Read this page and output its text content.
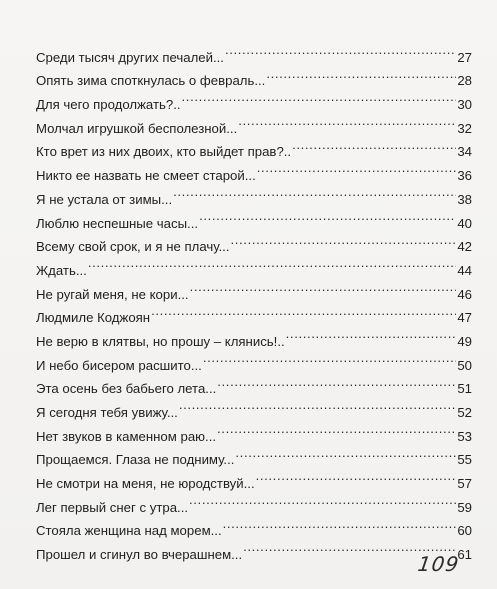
Среди тысяч других печалей... .....	27
Опять зима споткнулась о февраль... .....	28
Для чего продолжать?.. .....	30
Молчал игрушкой бесполезной... .....	32
Кто врет из них двоих, кто выйдет прав?.. .....	34
Никто ее назвать не смеет старой... .....	36
Я не устала от зимы... .....	38
Люблю неспешные часы... .....	40
Всему свой срок, и я не плачу... .....	42
Ждать... .....	44
Не ругай меня, не кори... .....	46
Людмиле Коджоян .....	47
Не верю в клятвы, но прошу – клянись!.. .....	49
И небо бисером расшито... .....	50
Эта осень без бабьего лета... .....	51
Я сегодня тебя увижу... .....	52
Нет звуков в каменном раю... .....	53
Прощаемся. Глаза не подниму... .....	55
Не смотри на меня, не юродствуй... .....	57
Лег первый снег с утра... .....	59
Стояла женщина над морем... .....	60
Прошел и сгинул во вчерашнем... .....	61
109
